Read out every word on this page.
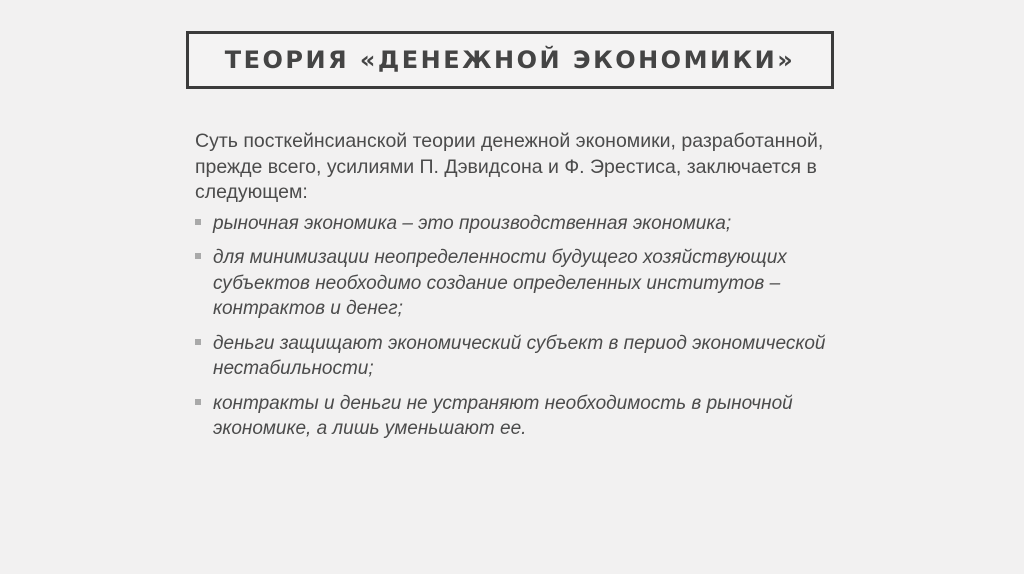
ТЕОРИЯ «ДЕНЕЖНОЙ ЭКОНОМИКИ»

Суть посткейнсианской теории денежной экономики, разработанной, прежде всего, усилиями П. Дэвидсона и Ф. Эрестиса, заключается в следующем:

рыночная экономика – это производственная экономика;
для минимизации неопределенности будущего хозяйствующих субъектов необходимо создание определенных институтов – контрактов и денег;
деньги защищают экономический субъект в период экономической нестабильности;
контракты и деньги не устраняют необходимость в рыночной экономике, а лишь уменьшают ее.
